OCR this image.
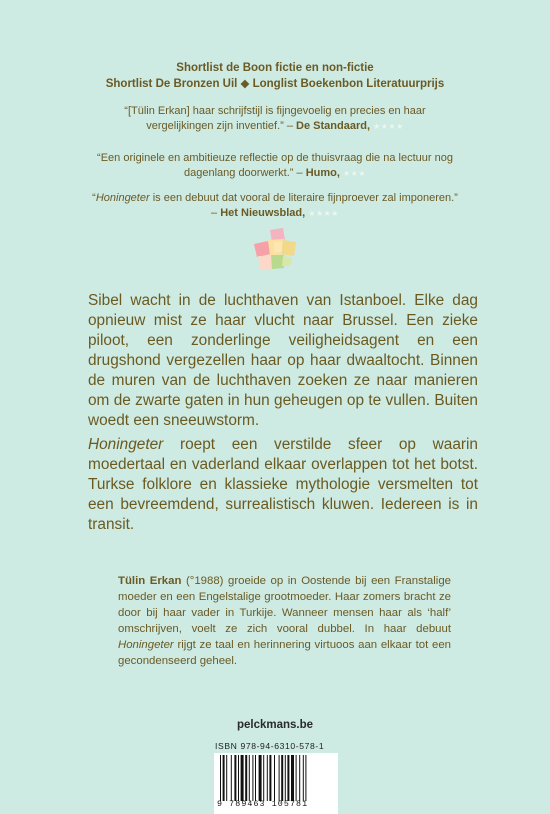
Shortlist de Boon fictie en non-fictie
Shortlist De Bronzen Uil ◆ Longlist Boekenbon Literatuurprijs
“[Tülin Erkan] haar schrijfstijl is fijngevoelig en precies en haar vergelijkingen zijn inventief.” – De Standaard, ★★★★
“Een originele en ambitieuze reflectie op de thuisvraag die na lectuur nog dagenlang doorwerkt.” – Humo, ★★★
“Honingeter is een debuut dat vooral de literaire fijnproever zal imponeren.” – Het Nieuwsblad, ★★★★

Sibel wacht in de luchthaven van Istanboel. Elke dag opnieuw mist ze haar vlucht naar Brussel. Een zieke piloot, een zonderlinge veiligheidsagent en een drugshond vergezellen haar op haar dwaaltocht. Binnen de muren van de luchthaven zoeken ze naar manieren om de zwarte gaten in hun geheugen op te vullen. Buiten woedt een sneeuwstorm.

Honingeter roept een verstilde sfeer op waarin moedertaal en vaderland elkaar overlappen tot het botst. Turkse folklore en klassieke mythologie versmelten tot een bevreemdend, surrealistisch kluwen. Iedereen is in transit.

Tülin Erkan (°1988) groeide op in Oostende bij een Franstalige moeder en een Engelstalige grootmoeder. Haar zomers bracht ze door bij haar vader in Turkije. Wanneer mensen haar als ‘half’ omschrijven, voelt ze zich vooral dubbel. In haar debuut Honingeter rijgt ze taal en herinnering virtuoos aan elkaar tot een gecondenseerd geheel.

pelckmans.be
ISBN 978-94-6310-578-1
9 789463 105781
